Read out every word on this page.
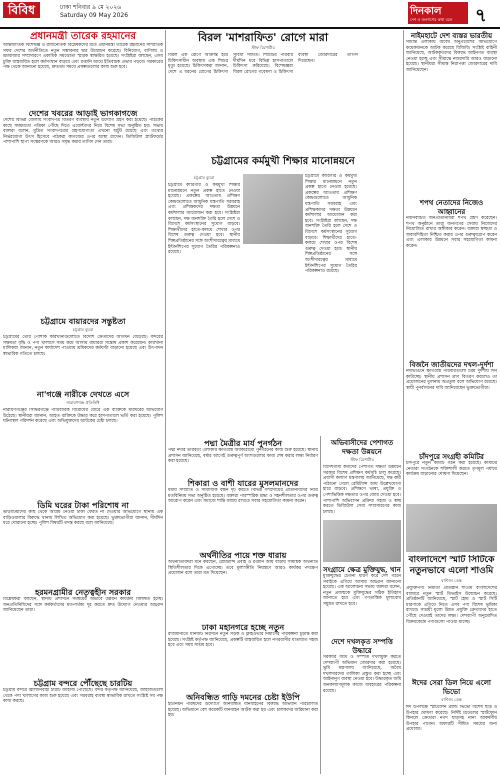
বিবিধ	ঢাকা শনিবার ৯ মে ২০২৬
Saturday 09 May 2026	দিনকাল
দেশ ও জনগণের কথা বলে ৭
প্রধানমন্ত্রী তারেক রহমানের

আন্তর্জাতিক বিশেষজ্ঞ ও রাজনৈতিক বিশ্লেষকদের মতে প্রধানমন্ত্রী তারেক রহমানের সাম্প্রতিক সফর দেশের অর্থনীতিতে নতুন সম্ভাবনার দ্বার উন্মোচন করেছে। বিনিয়োগ, বাণিজ্য ও শ্রমবাজার সম্প্রসারণে একাধিক সমঝোতা স্মারক স্বাক্ষরিত হয়েছে। সংশ্লিষ্টরা বলছেন, এসব চুক্তি বাস্তবায়িত হলে কর্মসংস্থান বাড়বে এবং রপ্তানি আয়ে ইতিবাচক প্রভাব পড়বে। সরকারের পক্ষ থেকে জানানো হয়েছে, দ্রুততম সময়ে প্রকল্পগুলোর কাজ শুরু হবে।

দেশের খবরের আড়াই ভাগকাগজে

দেশের বিভিন্ন জেলায় সংবাদপত্র বিতরণ ব্যবস্থায় নতুন উদ্যোগ গ্রহণ করা হয়েছে। পাঠকের কাছে সময়মতো পত্রিকা পৌঁছে দিতে এজেন্টদের নিয়ে বিশেষ সভা অনুষ্ঠিত হয়। সভায় বক্তারা বলেন, মুদ্রিত সংবাদপত্রের গ্রহণযোগ্যতা এখনো অটুট রয়েছে এবং তথ্যের নির্ভরযোগ্য উৎস হিসেবে পাঠকরা কাগজের ওপর আস্থা রাখেন। ডিজিটাল প্ল্যাটফর্মের পাশাপাশি ছাপা সংস্করণকে আরও সমৃদ্ধ করার তাগিদ দেন তারা।

চট্টগ্রামে বায়ারদের সন্তুষ্টতা
চট্টগ্রাম ব্যুরো

চট্টগ্রামের তৈরি পোশাক কারখানাগুলোতে বিদেশি ক্রেতাদের আগমন বেড়েছে। বন্দরের সক্ষমতা বৃদ্ধি ও পণ্য খালাসে সময় কমে আসায় বায়াররা সন্তোষ প্রকাশ করেছেন। কারখানা মালিকরা জানান, নতুন কার্যাদেশ পাওয়ায় শ্রমিকদের কর্মঘণ্টা বাড়ানো হয়েছে এবং উৎপাদন স্বাভাবিক গতিতে চলছে।

না'গঞ্জে নারীকে দেখতে এসে
নারায়ণগঞ্জ প্রতিনিধি

নারায়ণগঞ্জের সিদ্ধিরগঞ্জে পারিবারিক বিরোধের জেরে এক ব্যক্তিকে মারধরের অভিযোগ উঠেছে। স্থানীয়রা জানান, আহত ব্যক্তিকে উদ্ধার করে হাসপাতালে ভর্তি করা হয়েছে। পুলিশ ঘটনাস্থল পরিদর্শন করেছে এবং অভিযুক্তদের আটকের চেষ্টা চলছে।

ডিমি ঘরের টাকা পরিশোধ না

ভাড়াটিয়াদের কাছ থেকে অগ্রিম নেওয়া টাকা ফেরত না দেওয়ার অভিযোগে স্থানীয় এক বাড়িওয়ালার বিরুদ্ধে থানায় লিখিত অভিযোগ করা হয়েছে। ভুক্তভোগীরা জানান, দীর্ঘদিন ধরে ঘোরানো হচ্ছে। পুলিশ বিষয়টি তদন্ত করছে বলে জানিয়েছে।

হরমনগ্রামীর নেতৃত্বহীন সরকার

বিশ্লেষকরা বলছেন, স্থানীয় প্রশাসনে সমন্বয়ের অভাবে উন্নয়ন কার্যক্রম বিলম্বিত হচ্ছে। জনপ্রতিনিধিদের সঙ্গে কর্মকর্তাদের মতপার্থক্য দূর করতে দ্রুত উদ্যোগ নেওয়ার আহ্বান জানিয়েছেন তারা।

চট্টগ্রাম বন্দরে পৌঁছেছে চারটিয়

চট্টগ্রাম বন্দরে জ্বালানিবাহী চারটি জাহাজ পৌঁছেছে। বন্দর কর্তৃপক্ষ জানিয়েছে, জাহাজগুলো থেকে পণ্য খালাসের কাজ শুরু হয়েছে এবং সরবরাহ ব্যবস্থা স্বাভাবিক রাখতে সংশ্লিষ্ট সব পক্ষ কাজ করছে।

বিরল 'মাশরাফিত' রোগে মারা
স্টাফ রিপোর্টার

বিরল এক রোগে আক্রান্ত হয়ে চিকিৎসাধীন অবস্থায় এক শিশুর মৃত্যু হয়েছে। চিকিৎসকরা জানান, দেশে এ ধরনের রোগের চিকিৎসা সুবিধা সীমিত। শিশুটির পরিবার দীর্ঘদিন ধরে বিভিন্ন হাসপাতালে চিকিৎসা করিয়েছে। বিশেষজ্ঞরা বিরল রোগের গবেষণা ও চিকিৎসা ব্যবস্থা জোরদারের তাগিদ দিয়েছেন।

চট্টগ্রামের কর্মমুখী শিক্ষার মানোন্নয়নে
চট্টগ্রাম ব্যুরো

চট্টগ্রামে কারিগরি ও কর্মমুখী শিক্ষার মানোন্নয়নে নতুন প্রকল্প হাতে নেওয়া হয়েছে। প্রকল্পের আওতায় প্রশিক্ষণ কেন্দ্রগুলোতে আধুনিক যন্ত্রপাতি সরবরাহ এবং প্রশিক্ষকদের দক্ষতা উন্নয়নে কর্মশালার আয়োজন করা হবে। সংশ্লিষ্টরা বলছেন, দক্ষ জনশক্তি তৈরি হলে দেশে ও বিদেশে কর্মসংস্থানের সুযোগ বাড়বে। শিক্ষার্থীদের হাতে-কলমে শেখার ওপর বিশেষ গুরুত্ব দেওয়া হবে। স্থানীয় শিল্পপ্রতিষ্ঠানের সঙ্গে অংশীদারত্বের মাধ্যমে ইন্টার্নশিপের সুযোগ তৈরির পরিকল্পনাও রয়েছে।

পদ্মা মৈত্রীর মার্য পুনর্গঠন

পদ্মা নদীর তীরবর্তী এলাকার ক্ষতিগ্রস্ত অবকাঠামো পুনর্গঠনের কাজ শুরু হয়েছে। স্থানীয় প্রশাসন জানিয়েছে, বর্ষার আগেই গুরুত্বপূর্ণ অংশগুলোর কাজ শেষ করার লক্ষ্য নির্ধারণ করা হয়েছে।

শিকারা ও বাশী যারের মুসলমানদের

ধর্মীয় সম্প্রীতি ও সামাজিক বন্ধন দৃঢ় করতে বিভিন্ন সম্প্রদায়ের প্রতিনিধিদের নিয়ে মতবিনিময় সভা অনুষ্ঠিত হয়েছে। বক্তারা পারস্পরিক শ্রদ্ধা ও সহনশীলতার ওপর গুরুত্ব আরোপ করেন এবং সমাজে শান্তি বজায় রাখতে সবার সহযোগিতা কামনা করেন।

অর্থনীতির পায়ে শক্ত ধারায়

অর্থনীতিবিদরা মনে করছেন, রেমিট্যান্স প্রবাহ ও রপ্তানি আয় বাড়ায় সামষ্টিক অর্থনীতি স্থিতিশীলতার দিকে এগোচ্ছে। তবে মূল্যস্ফীতি নিয়ন্ত্রণে আরও কার্যকর পদক্ষেপ প্রয়োজন বলে তারা মত দিয়েছেন।

ঢাকা মহানগরে হচ্ছে নতুন

রাজধানীতে যানজট নিরসনে নতুন সড়ক ও ফ্লাইওভার নির্মাণের পরিকল্পনা চূড়ান্ত করা হয়েছে। সংশ্লিষ্ট কর্তৃপক্ষ জানিয়েছে, প্রকল্পটি বাস্তবায়িত হলে নগরবাসীর যাতায়াত সহজ হবে এবং সময় সাশ্রয় হবে।

অনিবন্ধিত গাড়ি দমনের চেষ্টা ইউপি

ইউনিয়ন পরিষদের উদ্যোগে অনিবন্ধিত যানবাহনের বিরুদ্ধে অভিযান পরিচালিত হয়েছে। অভিযানে বেশ কয়েকটি যানবাহন আটক করা হয় এবং চালকদের জরিমানা করা হয়।

চট্টগ্রামে কারিগরি ও কর্মমুখী শিক্ষার মানোন্নয়নে নতুন প্রকল্প হাতে নেওয়া হয়েছে। প্রকল্পের আওতায় প্রশিক্ষণ কেন্দ্রগুলোতে আধুনিক যন্ত্রপাতি সরবরাহ এবং প্রশিক্ষকদের দক্ষতা উন্নয়নে কর্মশালার আয়োজন করা হবে। সংশ্লিষ্টরা বলছেন, দক্ষ জনশক্তি তৈরি হলে দেশে ও বিদেশে কর্মসংস্থানের সুযোগ বাড়বে। শিক্ষার্থীদের হাতে-কলমে শেখার ওপর বিশেষ গুরুত্ব দেওয়া হবে। স্থানীয় শিল্পপ্রতিষ্ঠানের সঙ্গে অংশীদারত্বের মাধ্যমে ইন্টার্নশিপের সুযোগ তৈরির পরিকল্পনাও রয়েছে।

অভিবাসীদের পেশাগত দক্ষতা উন্নয়নে
স্টাফ রিপোর্টার

বিদেশগামী কর্মীদের পেশাগত দক্ষতা উন্নয়নে সরকার বিশেষ প্রশিক্ষণ কর্মসূচি চালু করেছে। প্রবাসী কল্যাণ মন্ত্রণালয় জানিয়েছে, দক্ষ কর্মী পাঠানো গেলে রেমিট্যান্স আয় উল্লেখযোগ্য হারে বাড়বে। প্রশিক্ষণে ভাষা, প্রযুক্তি ও পেশাভিত্তিক দক্ষতার ওপর জোর দেওয়া হবে। পাশাপাশি অভিবাসন প্রক্রিয়া সহজ ও স্বচ্ছ করতে ডিজিটাল সেবা সম্প্রসারণের কাজ চলছে।

সংগ্রামে ক্ষেত্র মুক্তিযুদ্ধ, খান

মুক্তিযুদ্ধের চেতনা ধারণ করে দেশ গঠনে সবাইকে এগিয়ে আসার আহ্বান জানানো হয়েছে। এক আলোচনা সভায় বক্তারা বলেন, নতুন প্রজন্মকে মুক্তিযুদ্ধের সঠিক ইতিহাস জানাতে হবে এবং গণতান্ত্রিক মূল্যবোধ সমুন্নত রাখতে হবে।

দেশে দখলকৃত সম্পত্তি উদ্ধারে

সরকারি জমি ও সম্পত্তি দখলমুক্ত করতে দেশব্যাপী অভিযান জোরদার করা হয়েছে। ভূমি মন্ত্রণালয় জানিয়েছে, অবৈধ দখলদারদের তালিকা প্রস্তুত করা হচ্ছে এবং আইনানুগ ব্যবস্থা নেওয়া হবে। উদ্ধারকৃত জমি জনকল্যাণমূলক কাজে ব্যবহারের পরিকল্পনা রয়েছে।

নাইমহাটে দেশ ব্যস্তর ভারতীয়

সীমান্ত এলাকায় অবৈধ অনুপ্রবেশের অভিযোগে কয়েকজনকে আটক করেছে বিজিবি। সংশ্লিষ্ট বাহিনী জানিয়েছে, আটককৃতদের বিরুদ্ধে আইনগত ব্যবস্থা নেওয়া হচ্ছে এবং সীমান্তে নজরদারি আরও বাড়ানো হয়েছে। স্থানীয়রা সীমান্ত নিরাপত্তা জোরদারের দাবি জানিয়েছেন।

শপথ নেতাদের নিজেও আহ্বানের

নবনির্বাচিত জনপ্রতিনিধিরা শপথ গ্রহণ করেছেন। শপথ অনুষ্ঠানে তারা জনগণের সেবায় নিজেদের নিয়োজিত রাখার অঙ্গীকার করেন। বক্তারা স্বচ্ছতা ও জবাবদিহিতা নিশ্চিত করার ওপর গুরুত্বারোপ করেন এবং এলাকার উন্নয়নে সবার সহযোগিতা কামনা করেন।

বিজনৈ জাতীয়দের দখল-দুর্দশা

নদীভাঙনে ক্ষতিগ্রস্ত পরিবারগুলো চরম দুর্দশায় দিন কাটাচ্ছে। স্থানীয় প্রশাসন ত্রাণ বিতরণ করলেও তা প্রয়োজনের তুলনায় অপ্রতুল বলে অভিযোগ রয়েছে। স্থায়ী পুনর্বাসনের দাবি জানিয়েছেন ভুক্তভোগীরা।

চাঁদপুরে সংগ্রহী কমিটির

চাঁদপুরে নতুন কমিটি গঠন করা হয়েছে। কমিটির নেতারা সংগঠনকে শক্তিশালী করতে তৃণমূল পর্যায়ে কার্যক্রম বাড়ানোর ঘোষণা দিয়েছেন।

বাংলাদেশে স্মার্ট সিটিকে নতুনভাবে এলো শাওমি
বাণিজ্য ডেস্ক

প্রযুক্তিপণ্য নির্মাতা প্রতিষ্ঠান শাওমি বাংলাদেশের বাজারে নতুন স্মার্ট ডিভাইস উন্মোচন করেছে। প্রতিষ্ঠানটি জানিয়েছে, স্মার্ট হোম ও স্মার্ট সিটি ধারণাকে এগিয়ে নিতে এসব পণ্য বিশেষ ভূমিকা রাখবে। সাশ্রয়ী মূল্যে উন্নত প্রযুক্তি ক্রেতাদের হাতে পৌঁছে দেওয়াই তাদের লক্ষ্য। দেশব্যাপী অনুমোদিত বিক্রয়কেন্দ্রে পণ্যগুলো পাওয়া যাচ্ছে।

ঈদের সেরা ডিল নিয়ে এলো ভিভো
বাণিজ্য ডেস্ক

ঈদ উপলক্ষে স্মার্টফোন ব্র্যান্ড ভিভো বিশেষ ছাড় ও উপহার ঘোষণা করেছে। নির্দিষ্ট মডেলের স্মার্টফোন কিনলে ক্রেতারা নগদ ছাড়সহ নানা আকর্ষণীয় উপহার পাবেন। অফারটি সীমিত সময়ের জন্য প্রযোজ্য।
